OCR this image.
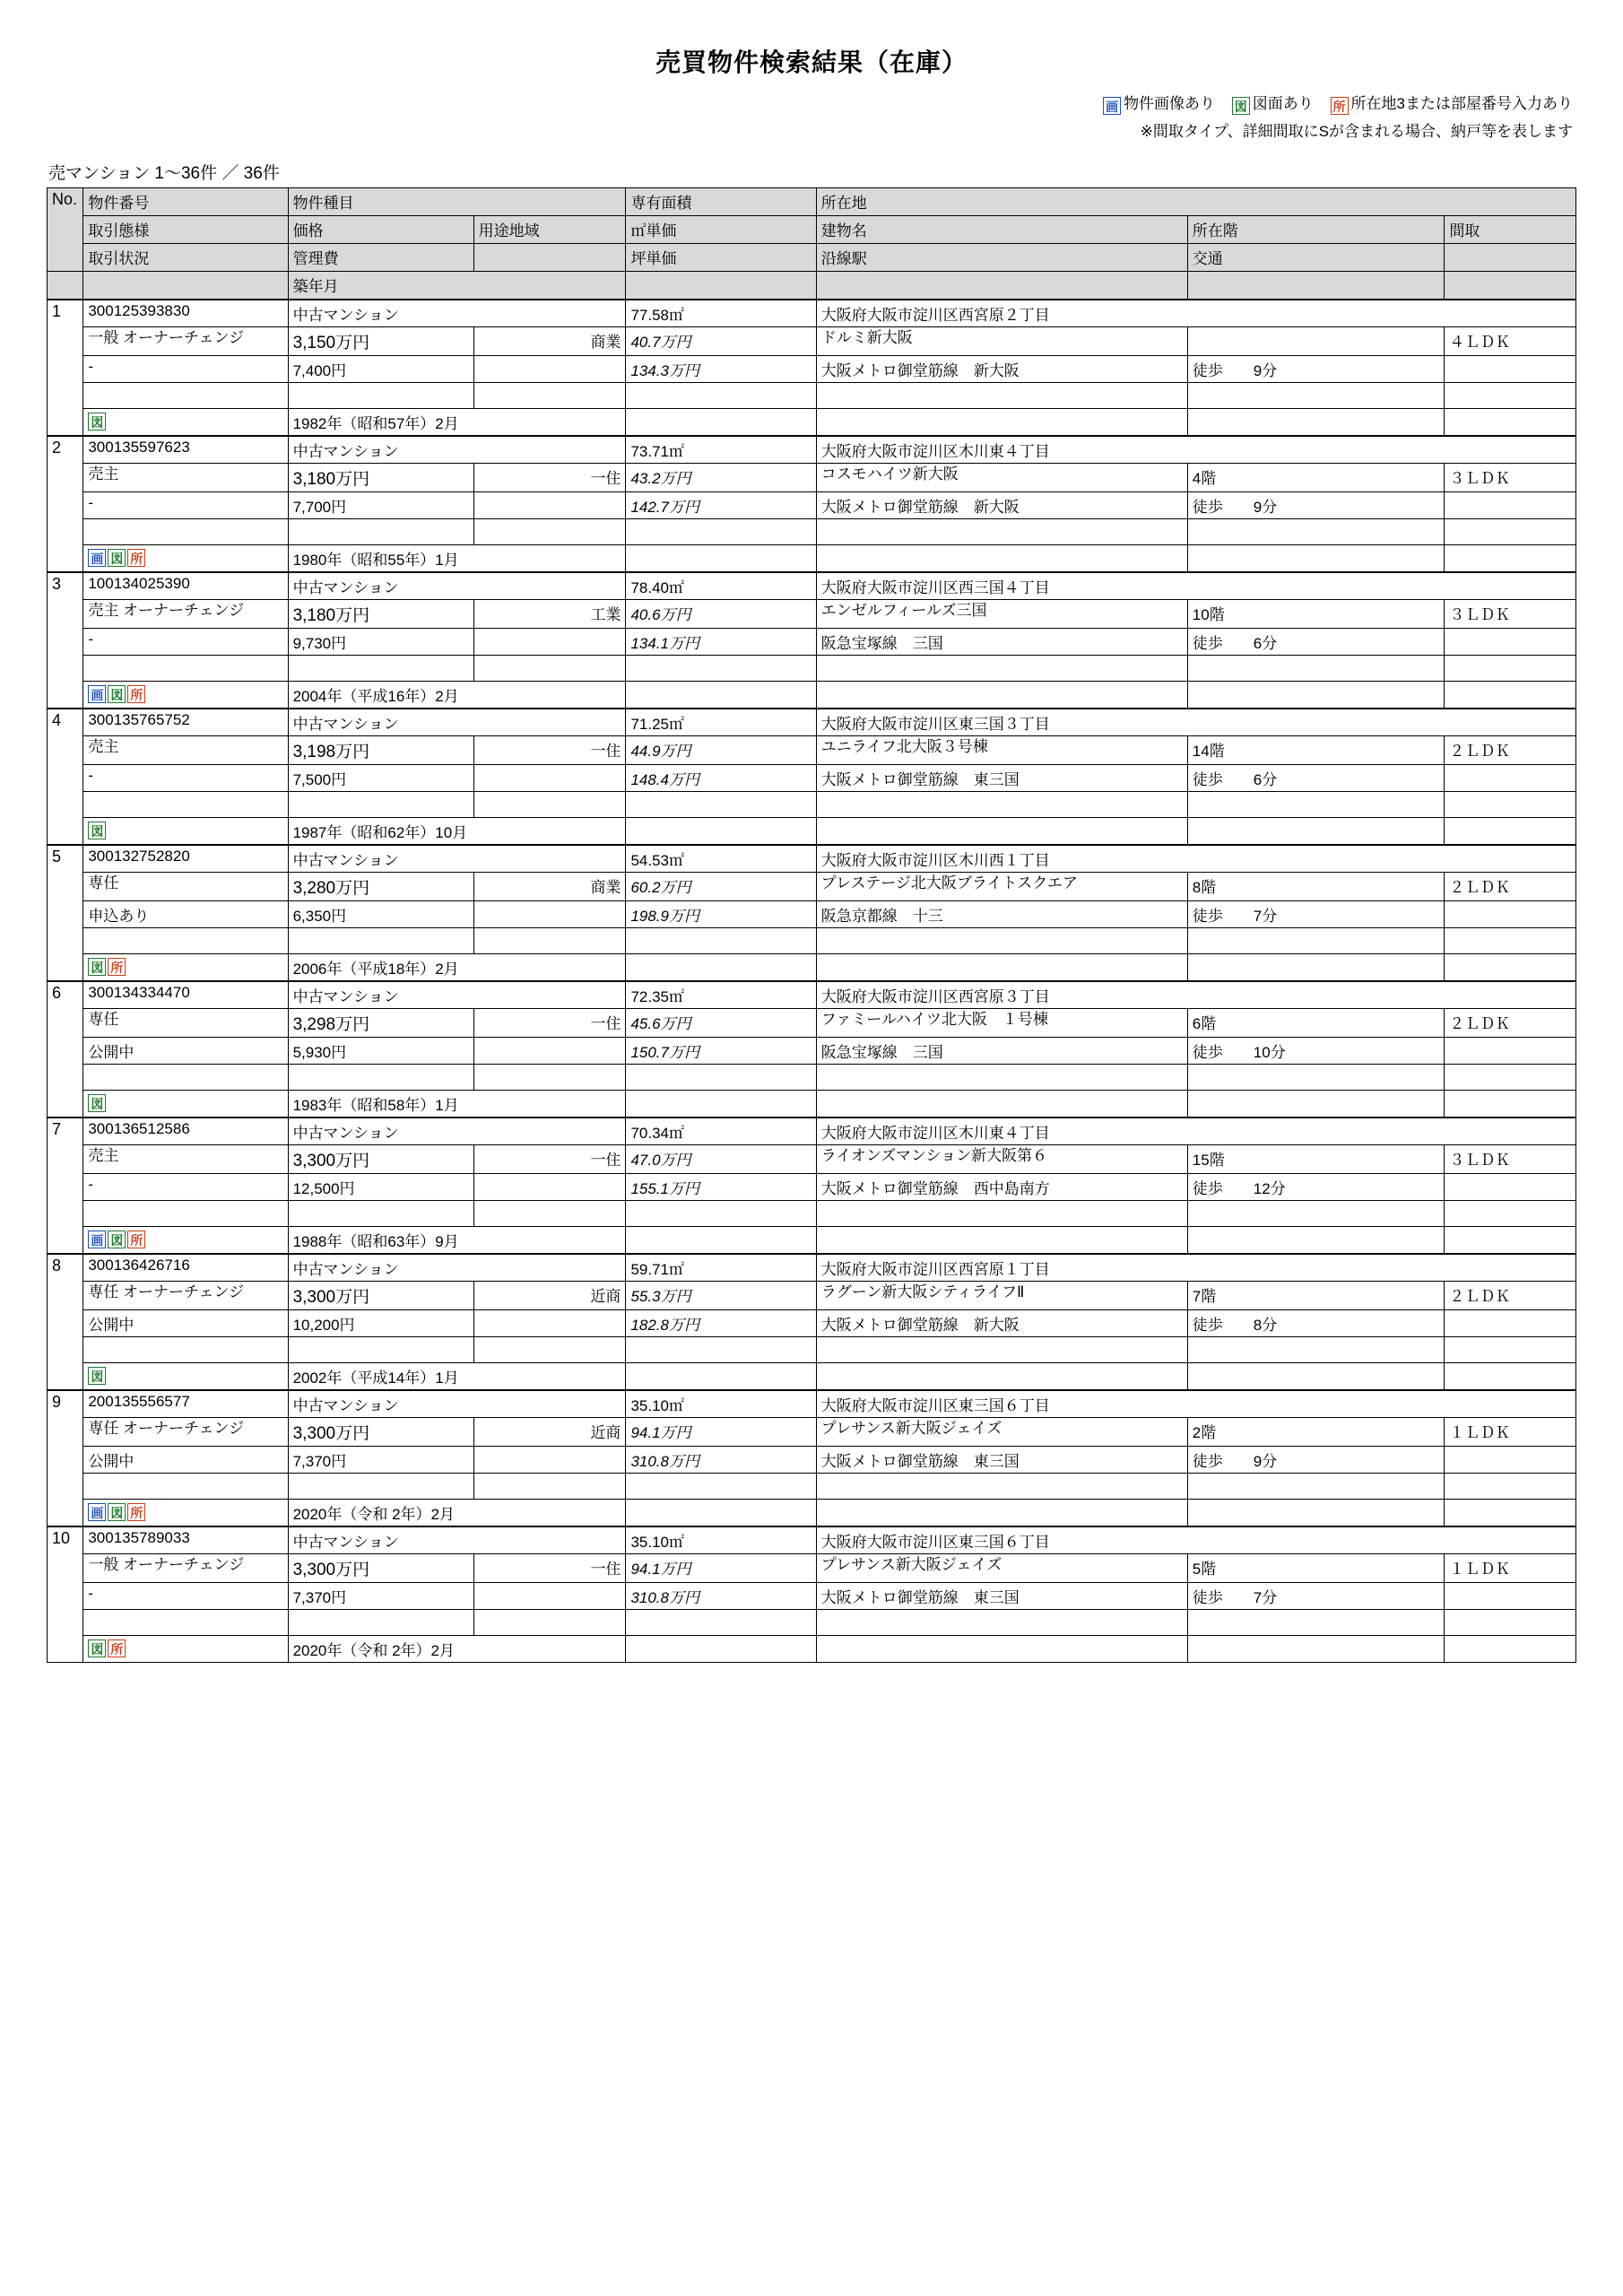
売買物件検索結果（在庫）
画 物件画像あり 図 図面あり 所 所在地3または部屋番号入力あり
※間取タイプ、詳細間取にSが含まれる場合、納戸等を表します
売マンション 1〜36件 ／ 36件
No.	物件番号	物件種目		専有面積	所在地		
	取引態様	価格	用途地域	㎡単価	建物名	所在階	間取
	取引状況	管理費		坪単価	沿線駅	交通	
		築年月					
1	300125393830	中古マンション		77.58㎡	大阪府大阪市淀川区西宮原２丁目		
	一般 オーナーチェンジ	3,150万円	商業	40.7万円	ドルミ新大阪		４ＬＤＫ
	-	7,400円		134.3万円	大阪メトロ御堂筋線　新大阪	徒歩　　9分	

	図	1982年（昭和57年）2月					
2	300135597623	中古マンション		73.71㎡	大阪府大阪市淀川区木川東４丁目		
	売主	3,180万円	一住	43.2万円	コスモハイツ新大阪	4階	３ＬＤＫ
	-	7,700円		142.7万円	大阪メトロ御堂筋線　新大阪	徒歩　　9分	

	画 図 所	1980年（昭和55年）1月					
3	100134025390	中古マンション		78.40㎡	大阪府大阪市淀川区西三国４丁目		
	売主 オーナーチェンジ	3,180万円	工業	40.6万円	エンゼルフィールズ三国	10階	３ＬＤＫ
	-	9,730円		134.1万円	阪急宝塚線　三国	徒歩　　6分	

	画 図 所	2004年（平成16年）2月					
4	300135765752	中古マンション		71.25㎡	大阪府大阪市淀川区東三国３丁目		
	売主	3,198万円	一住	44.9万円	ユニライフ北大阪３号棟	14階	２ＬＤＫ
	-	7,500円		148.4万円	大阪メトロ御堂筋線　東三国	徒歩　　6分	

	図	1987年（昭和62年）10月					
5	300132752820	中古マンション		54.53㎡	大阪府大阪市淀川区木川西１丁目		
	専任	3,280万円	商業	60.2万円	プレステージ北大阪ブライトスクエア	8階	２ＬＤＫ
	申込あり	6,350円		198.9万円	阪急京都線　十三	徒歩　　7分	

	図 所	2006年（平成18年）2月					
6	300134334470	中古マンション		72.35㎡	大阪府大阪市淀川区西宮原３丁目		
	専任	3,298万円	一住	45.6万円	ファミールハイツ北大阪　１号棟	6階	２ＬＤＫ
	公開中	5,930円		150.7万円	阪急宝塚線　三国	徒歩　　10分	

	図	1983年（昭和58年）1月					
7	300136512586	中古マンション		70.34㎡	大阪府大阪市淀川区木川東４丁目		
	売主	3,300万円	一住	47.0万円	ライオンズマンション新大阪第６	15階	３ＬＤＫ
	-	12,500円		155.1万円	大阪メトロ御堂筋線　西中島南方	徒歩　　12分	

	画 図 所	1988年（昭和63年）9月					
8	300136426716	中古マンション		59.71㎡	大阪府大阪市淀川区西宮原１丁目		
	専任 オーナーチェンジ	3,300万円	近商	55.3万円	ラグーン新大阪シティライフⅡ	7階	２ＬＤＫ
	公開中	10,200円		182.8万円	大阪メトロ御堂筋線　新大阪	徒歩　　8分	

	図	2002年（平成14年）1月					
9	200135556577	中古マンション		35.10㎡	大阪府大阪市淀川区東三国６丁目		
	専任 オーナーチェンジ	3,300万円	近商	94.1万円	プレサンス新大阪ジェイズ	2階	１ＬＤＫ
	公開中	7,370円		310.8万円	大阪メトロ御堂筋線　東三国	徒歩　　9分	

	画 図 所	2020年（令和 2年）2月					
10	300135789033	中古マンション		35.10㎡	大阪府大阪市淀川区東三国６丁目		
	一般 オーナーチェンジ	3,300万円	一住	94.1万円	プレサンス新大阪ジェイズ	5階	１ＬＤＫ
	-	7,370円		310.8万円	大阪メトロ御堂筋線　東三国	徒歩　　7分	

	図 所	2020年（令和 2年）2月					
